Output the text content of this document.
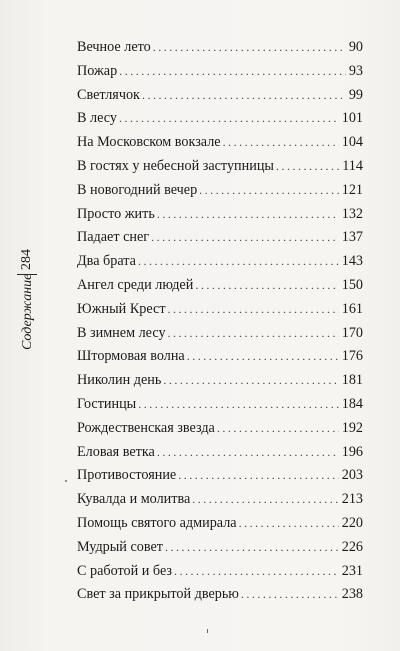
284
Содержание
Вечное лето . . .	90
Пожар . . .	93
Светлячок . . .	99
В лесу . . .	101
На Московском вокзале . . .	104
В гостях у небесной заступницы . . .	114
В новогодний вечер . . .	121
Просто жить . . .	132
Падает снег . . .	137
Два брата . . .	143
Ангел среди людей . . .	150
Южный Крест . . .	161
В зимнем лесу . . .	170
Штормовая волна . . .	176
Николин день . . .	181
Гостинцы . . .	184
Рождественская звезда . . .	192
Еловая ветка . . .	196
Противостояние . . .	203
Кувалда и молитва . . .	213
Помощь святого адмирала . . .	220
Мудрый совет . . .	226
С работой и без . . .	231
Свет за прикрытой дверью . . .	238
